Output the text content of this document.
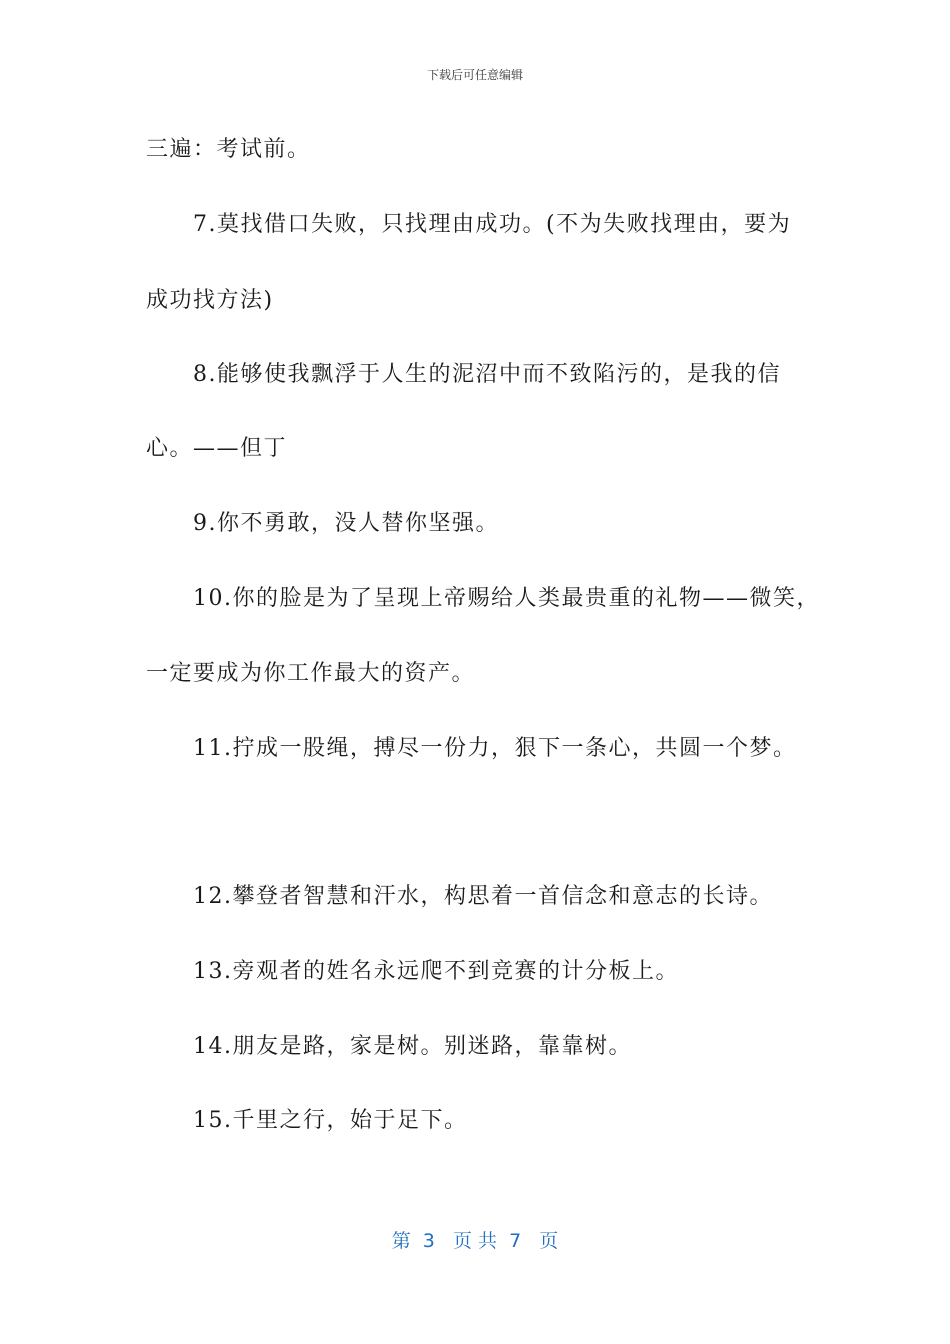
下载后可任意编辑
三遍：考试前。
7.莫找借口失败，只找理由成功。(不为失败找理由，要为
成功找方法)
8.能够使我飘浮于人生的泥沼中而不致陷污的，是我的信
心。——但丁
9.你不勇敢，没人替你坚强。
10.你的脸是为了呈现上帝赐给人类最贵重的礼物——微笑，
一定要成为你工作最大的资产。
11.拧成一股绳，搏尽一份力，狠下一条心，共圆一个梦。
12.攀登者智慧和汗水，构思着一首信念和意志的长诗。
13.旁观者的姓名永远爬不到竞赛的计分板上。
14.朋友是路，家是树。别迷路，靠靠树。
15.千里之行，始于足下。
第  3   页 共  7   页
